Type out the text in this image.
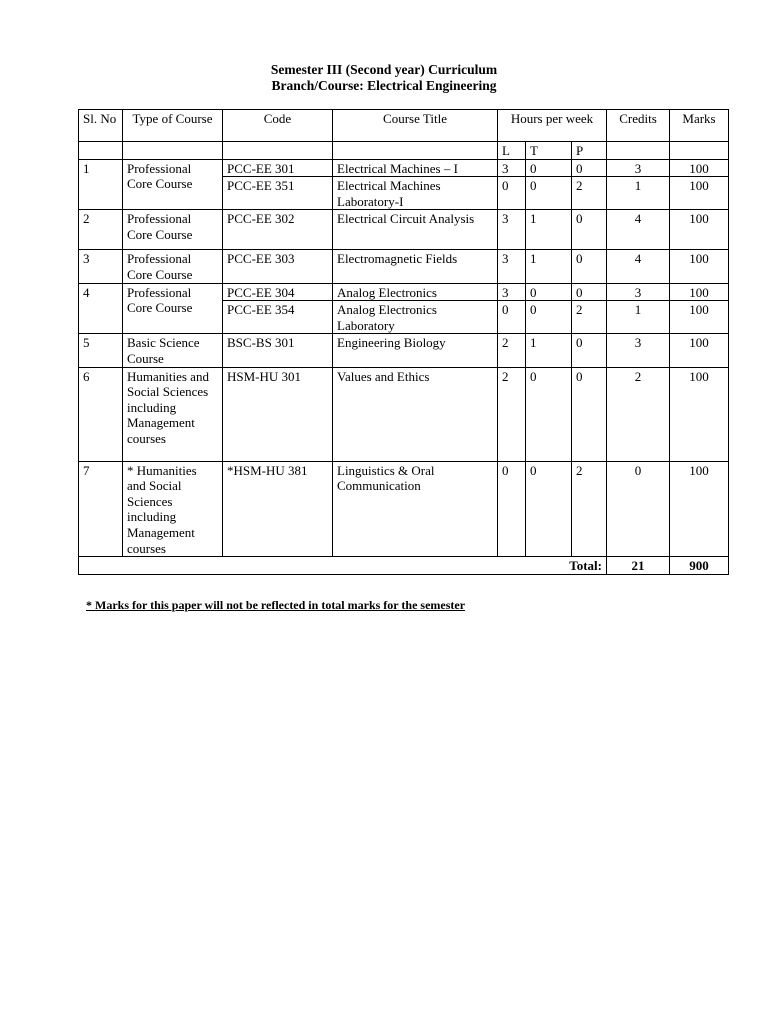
Semester III (Second year) Curriculum
Branch/Course: Electrical Engineering
Sl. No	Type of Course	Code	Course Title	Hours per week			Credits	Marks
				L	T	P		
1	Professional Core Course	PCC-EE 301	Electrical Machines – I	3	0	0	3	100
		PCC-EE 351	Electrical Machines Laboratory-I	0	0	2	1	100
2	Professional Core Course	PCC-EE 302	Electrical Circuit Analysis	3	1	0	4	100
3	Professional Core Course	PCC-EE 303	Electromagnetic Fields	3	1	0	4	100
4	Professional Core Course	PCC-EE 304	Analog Electronics	3	0	0	3	100
		PCC-EE 354	Analog Electronics Laboratory	0	0	2	1	100
5	Basic Science Course	BSC-BS 301	Engineering Biology	2	1	0	3	100
6	Humanities and Social Sciences including Management courses	HSM-HU 301	Values and Ethics	2	0	0	2	100
7	* Humanities and Social Sciences including Management courses	*HSM-HU 381	Linguistics & Oral Communication	0	0	2	0	100
Total:							21	900
* Marks for this paper will not be reflected in total marks for the semester
